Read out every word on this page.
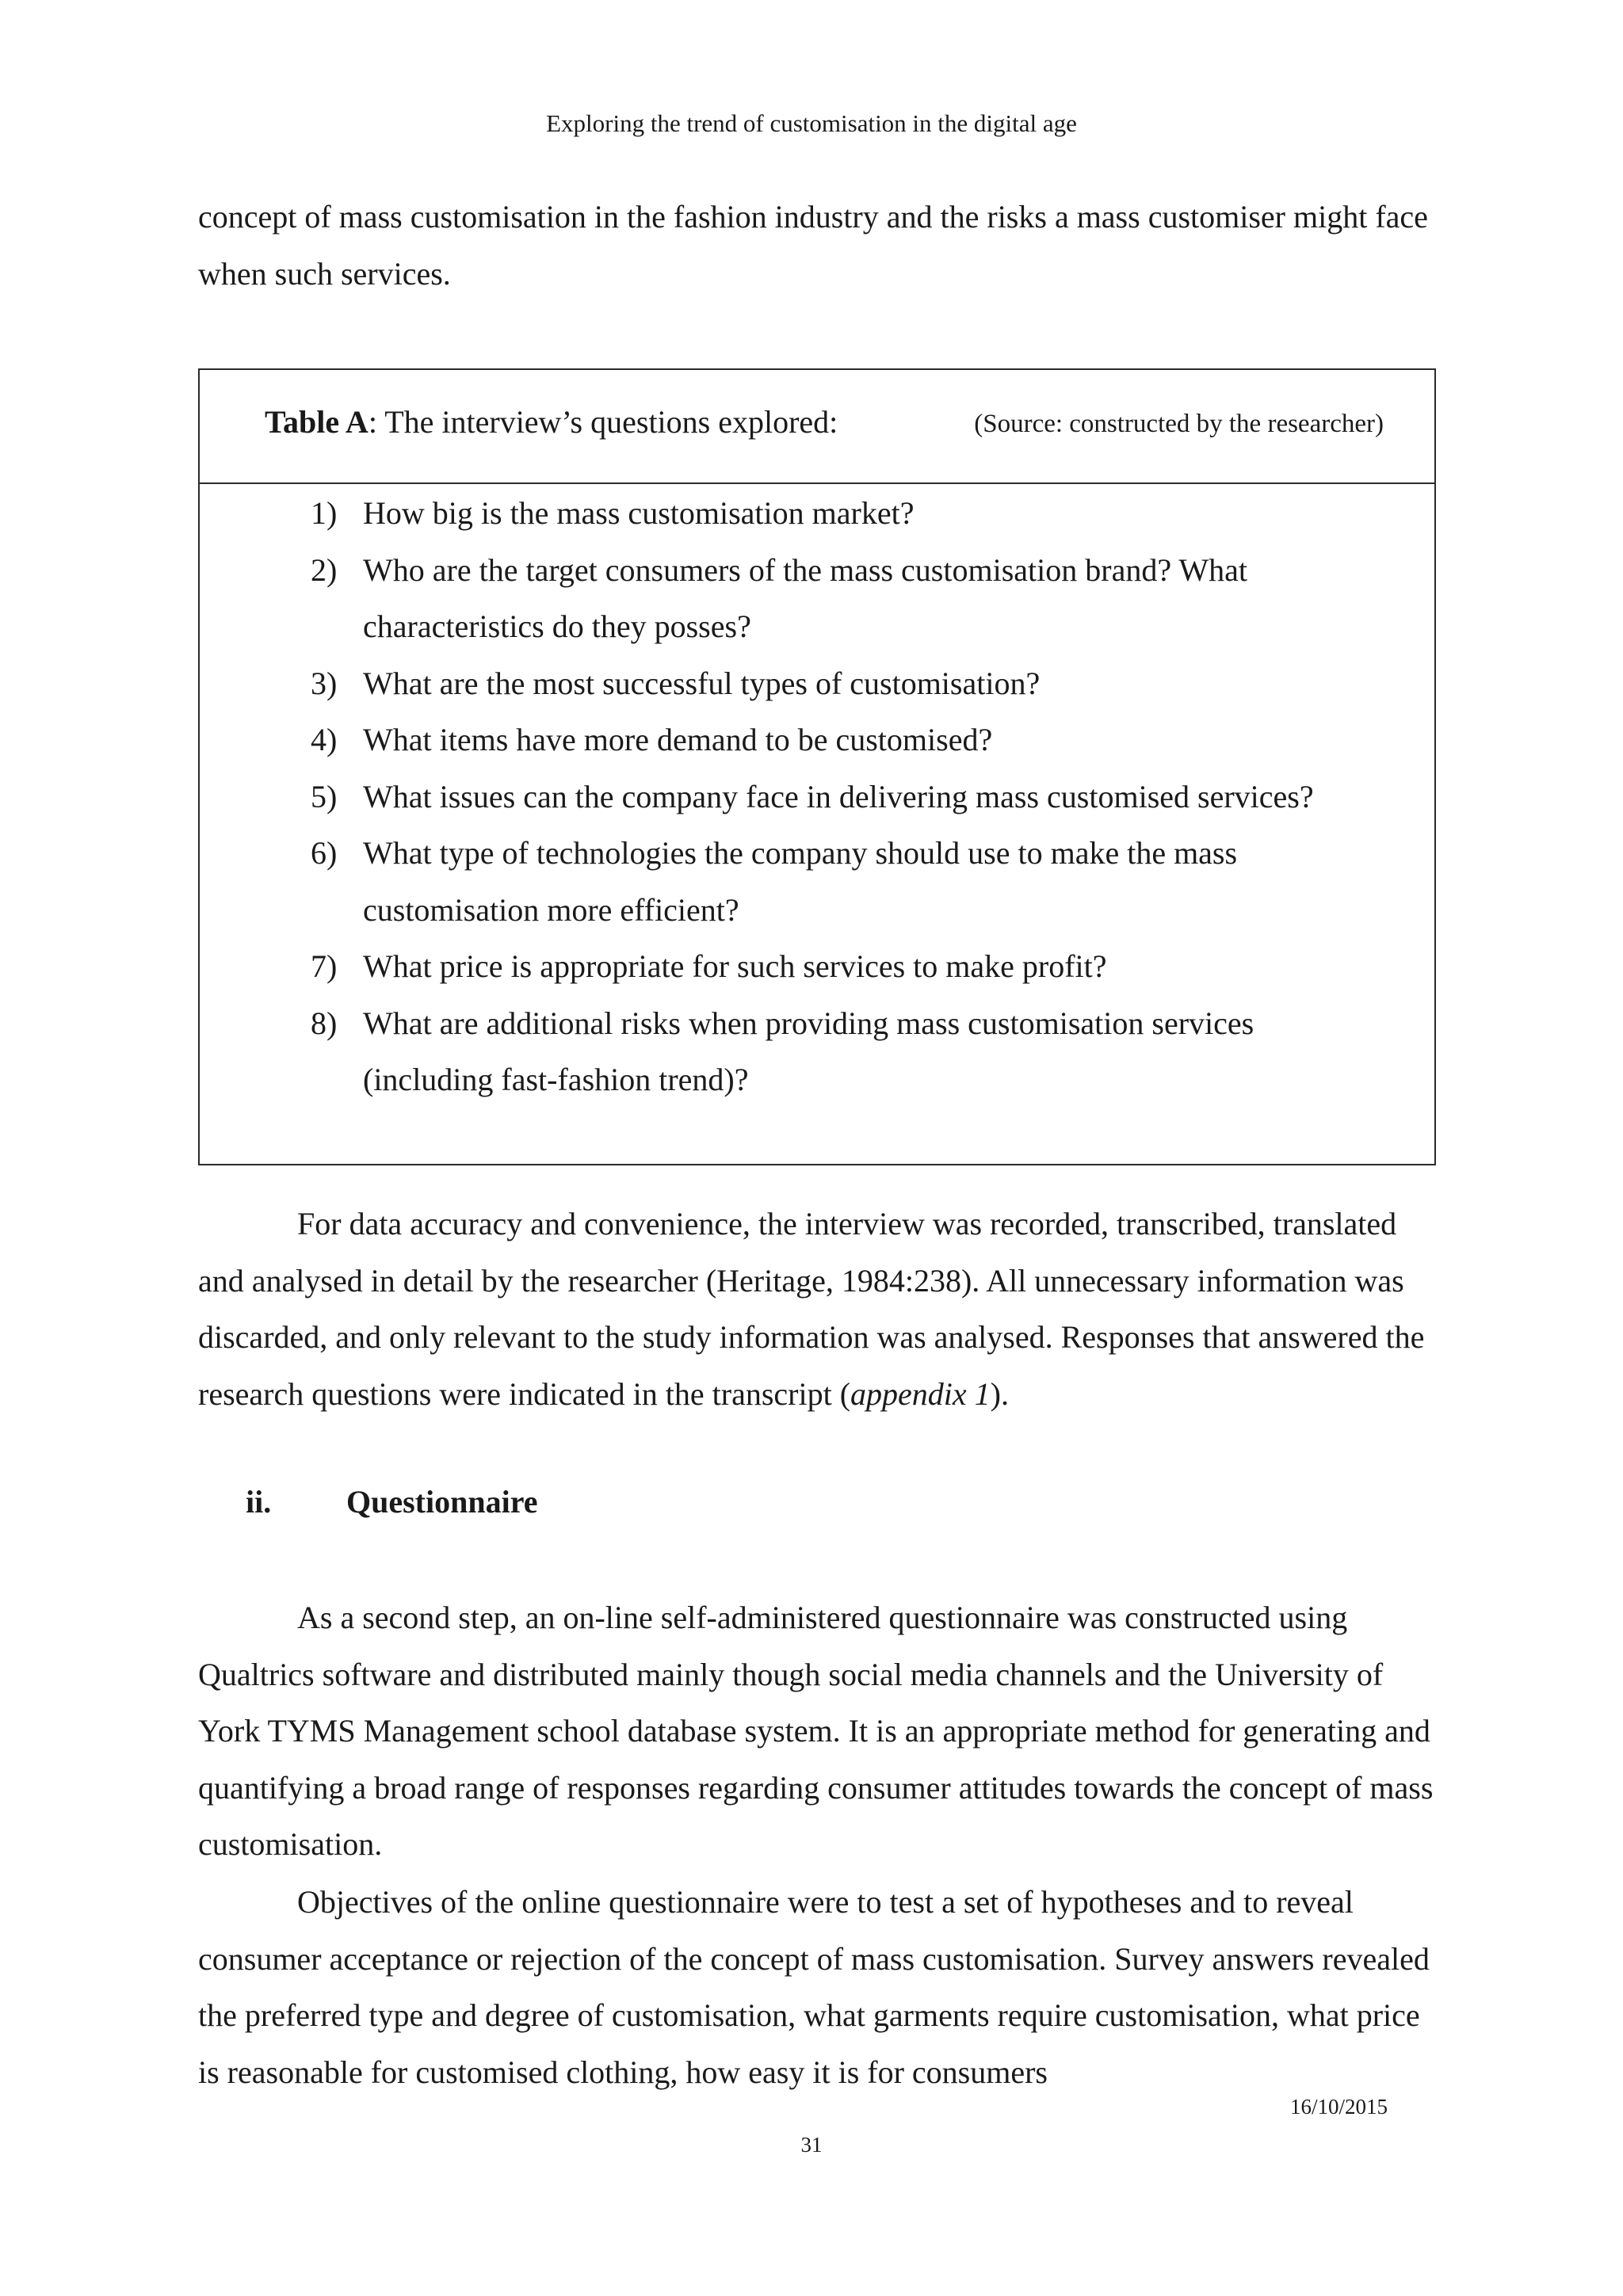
Exploring the trend of customisation in the digital age

concept of mass customisation in the fashion industry and the risks a mass customiser might face when such services.

Table A: The interview’s questions explored:	(Source: constructed by the researcher)
1) How big is the mass customisation market?
2) Who are the target consumers of the mass customisation brand? What characteristics do they posses?
3) What are the most successful types of customisation?
4) What items have more demand to be customised?
5) What issues can the company face in delivering mass customised services?
6) What type of technologies the company should use to make the mass customisation more efficient?
7) What price is appropriate for such services to make profit?
8) What are additional risks when providing mass customisation services (including fast-fashion trend)?

For data accuracy and convenience, the interview was recorded, transcribed, translated and analysed in detail by the researcher (Heritage, 1984:238). All unnecessary information was discarded, and only relevant to the study information was analysed. Responses that answered the research questions were indicated in the transcript (appendix 1).

ii. Questionnaire

As a second step, an on-line self-administered questionnaire was constructed using Qualtrics software and distributed mainly though social media channels and the University of York TYMS Management school database system. It is an appropriate method for generating and quantifying a broad range of responses regarding consumer attitudes towards the concept of mass customisation.

Objectives of the online questionnaire were to test a set of hypotheses and to reveal consumer acceptance or rejection of the concept of mass customisation. Survey answers revealed the preferred type and degree of customisation, what garments require customisation, what price is reasonable for customised clothing, how easy it is for consumers

16/10/2015
31
